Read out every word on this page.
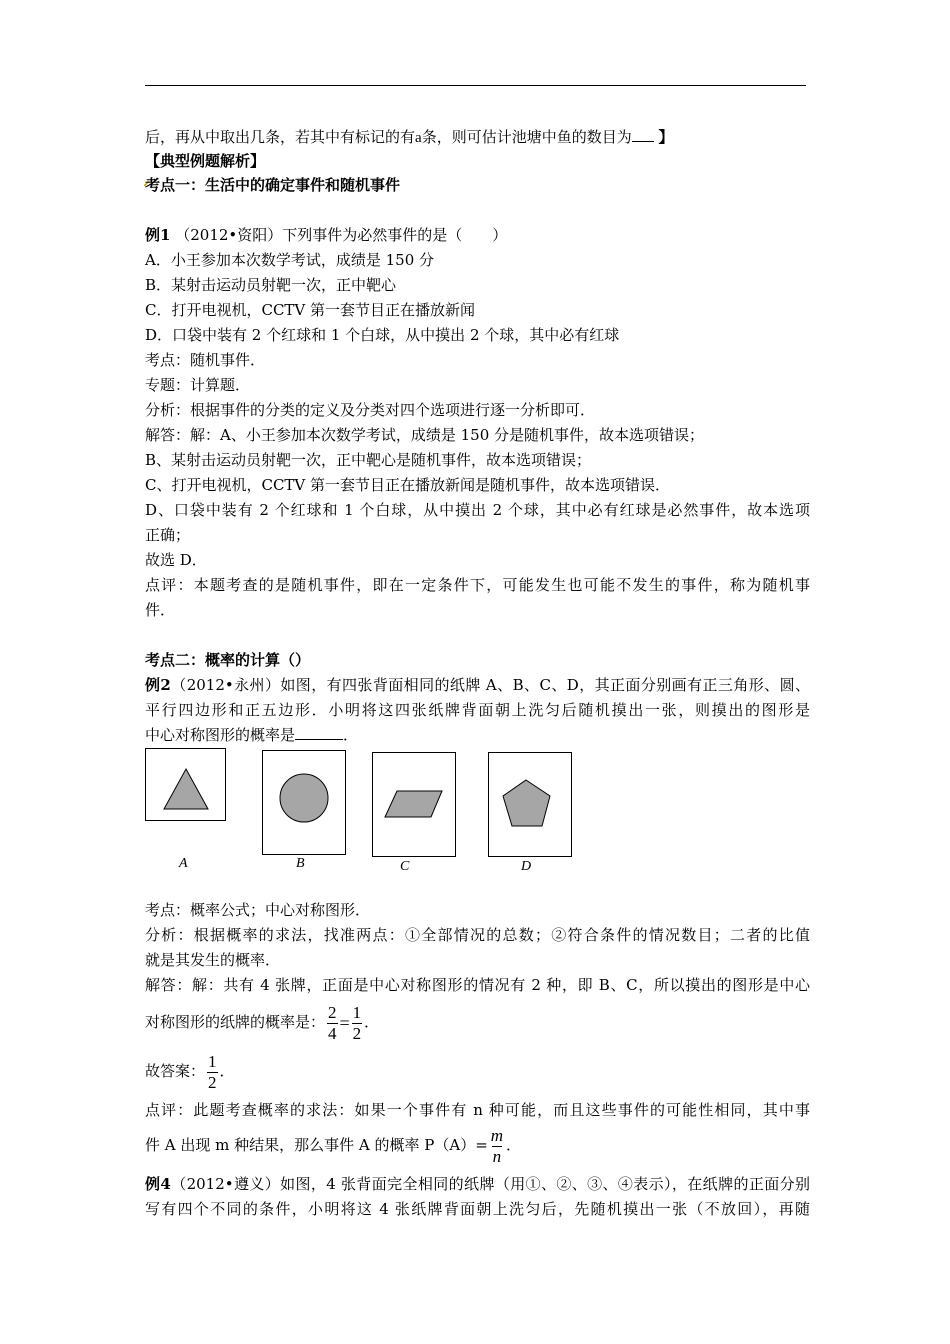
后，再从中取出几条，若其中有标记的有a条，则可估计池塘中鱼的数目为 】
【典型例题解析】
考点一：生活中的确定事件和随机事件
例1 （2012•资阳）下列事件为必然事件的是（　　）
A．小王参加本次数学考试，成绩是 150 分
B．某射击运动员射靶一次，正中靶心
C．打开电视机，CCTV 第一套节目正在播放新闻
D．口袋中装有 2 个红球和 1 个白球，从中摸出 2 个球，其中必有红球
考点：随机事件．
专题：计算题．
分析：根据事件的分类的定义及分类对四个选项进行逐一分析即可．
解答：解：A、小王参加本次数学考试，成绩是 150 分是随机事件，故本选项错误；
B、某射击运动员射靶一次，正中靶心是随机事件，故本选项错误；
C、打开电视机，CCTV 第一套节目正在播放新闻是随机事件，故本选项错误．
D、口袋中装有 2 个红球和 1 个白球，从中摸出 2 个球，其中必有红球是必然事件，故本选项
正确；
故选 D．
点评：本题考查的是随机事件，即在一定条件下，可能发生也可能不发生的事件，称为随机事
件．
考点二：概率的计算（）
例2（2012•永州）如图，有四张背面相同的纸牌 A、B、C、D，其正面分别画有正三角形、圆、
平行四边形和正五边形．小明将这四张纸牌背面朝上洗匀后随机摸出一张，则摸出的图形是
中心对称图形的概率是	．
A	B	C	D
考点：概率公式；中心对称图形．
分析：根据概率的求法，找准两点：①全部情况的总数；②符合条件的情况数目；二者的比值
就是其发生的概率．
解答：解：共有 4 张牌，正面是中心对称图形的情况有 2 种，即 B、C，所以摸出的图形是中心
对称图形的纸牌的概率是： $\frac{2}{4} = \frac{1}{2}$ ．
故答案： $\frac{1}{2}$ ．
点评：此题考查概率的求法：如果一个事件有 n 种可能，而且这些事件的可能性相同，其中事
件 A 出现 m 种结果，那么事件 A 的概率 $P(A)= \frac{m}{n}$ ．
例4（2012•遵义）如图，4 张背面完全相同的纸牌（用①、②、③、④表示），在纸牌的正面分别
写有四个不同的条件，小明将这 4 张纸牌背面朝上洗匀后，先随机摸出一张（不放回），再随
